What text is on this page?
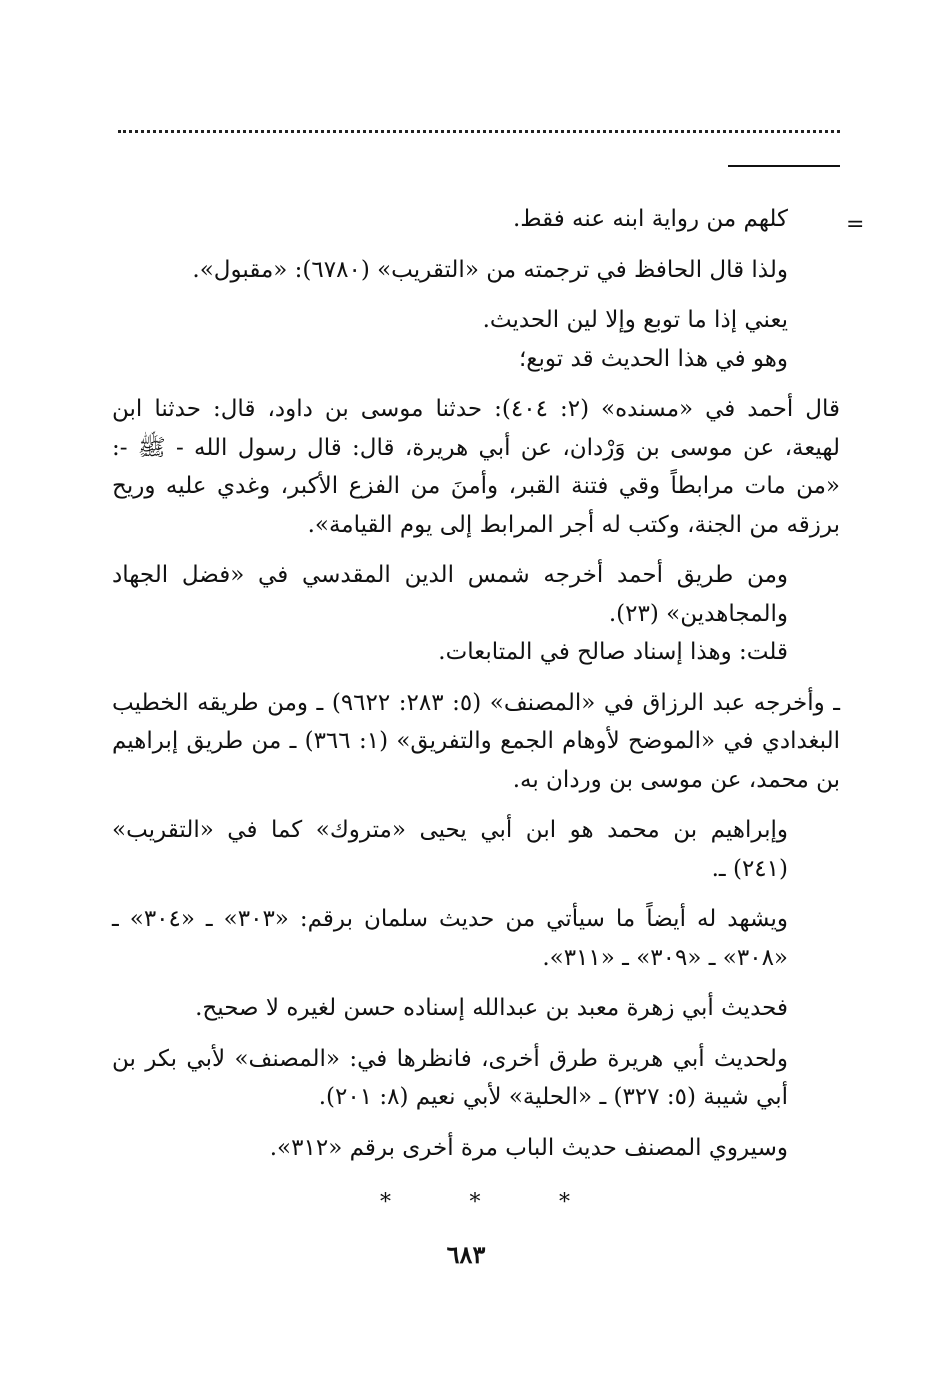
=

كلهم من رواية ابنه عنه فقط.

ولذا قال الحافظ في ترجمته من «التقريب» (٦٧٨٠): «مقبول».

يعني إذا ما توبع وإلا لين الحديث.

وهو في هذا الحديث قد توبع؛

قال أحمد في «مسنده» (٢: ٤٠٤): حدثنا موسى بن داود، قال: حدثنا ابن لهيعة، عن موسى بن وَرْدان، عن أبي هريرة، قال: قال رسول الله - ﷺ -: «من مات مرابطاً وقي فتنة القبر، وأمنَ من الفزع الأكبر، وغدي عليه وريح برزقه من الجنة، وكتب له أجر المرابط إلى يوم القيامة».

ومن طريق أحمد أخرجه شمس الدين المقدسي في «فضل الجهاد والمجاهدين» (٢٣).

قلت: وهذا إسناد صالح في المتابعات.

ـ وأخرجه عبد الرزاق في «المصنف» (٥: ٢٨٣: ٩٦٢٢) ـ ومن طريقه الخطيب البغدادي في «الموضح لأوهام الجمع والتفريق» (١: ٣٦٦) ـ من طريق إبراهيم بن محمد، عن موسى بن وردان به.

وإبراهيم بن محمد هو ابن أبي يحيى «متروك» كما في «التقريب» (٢٤١) ـ.

ويشهد له أيضاً ما سيأتي من حديث سلمان برقم: «٣٠٣» ـ «٣٠٤» ـ «٣٠٨» ـ «٣٠٩» ـ «٣١١».

فحديث أبي زهرة معبد بن عبدالله إسناده حسن لغيره لا صحيح.

ولحديث أبي هريرة طرق أخرى، فانظرها في: «المصنف» لأبي بكر بن أبي شيبة (٥: ٣٢٧) ـ «الحلية» لأبي نعيم (٨: ٢٠١).

وسيروي المصنف حديث الباب مرة أخرى برقم «٣١٢».

*	*	*
٦٨٣
